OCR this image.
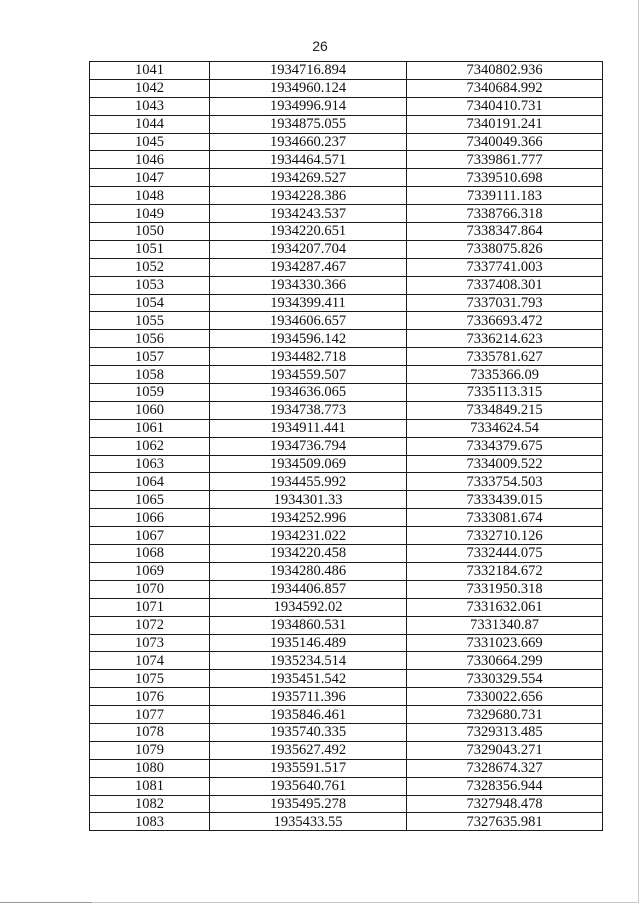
26
1041	1934716.894	7340802.936
1042	1934960.124	7340684.992
1043	1934996.914	7340410.731
1044	1934875.055	7340191.241
1045	1934660.237	7340049.366
1046	1934464.571	7339861.777
1047	1934269.527	7339510.698
1048	1934228.386	7339111.183
1049	1934243.537	7338766.318
1050	1934220.651	7338347.864
1051	1934207.704	7338075.826
1052	1934287.467	7337741.003
1053	1934330.366	7337408.301
1054	1934399.411	7337031.793
1055	1934606.657	7336693.472
1056	1934596.142	7336214.623
1057	1934482.718	7335781.627
1058	1934559.507	7335366.09
1059	1934636.065	7335113.315
1060	1934738.773	7334849.215
1061	1934911.441	7334624.54
1062	1934736.794	7334379.675
1063	1934509.069	7334009.522
1064	1934455.992	7333754.503
1065	1934301.33	7333439.015
1066	1934252.996	7333081.674
1067	1934231.022	7332710.126
1068	1934220.458	7332444.075
1069	1934280.486	7332184.672
1070	1934406.857	7331950.318
1071	1934592.02	7331632.061
1072	1934860.531	7331340.87
1073	1935146.489	7331023.669
1074	1935234.514	7330664.299
1075	1935451.542	7330329.554
1076	1935711.396	7330022.656
1077	1935846.461	7329680.731
1078	1935740.335	7329313.485
1079	1935627.492	7329043.271
1080	1935591.517	7328674.327
1081	1935640.761	7328356.944
1082	1935495.278	7327948.478
1083	1935433.55	7327635.981
